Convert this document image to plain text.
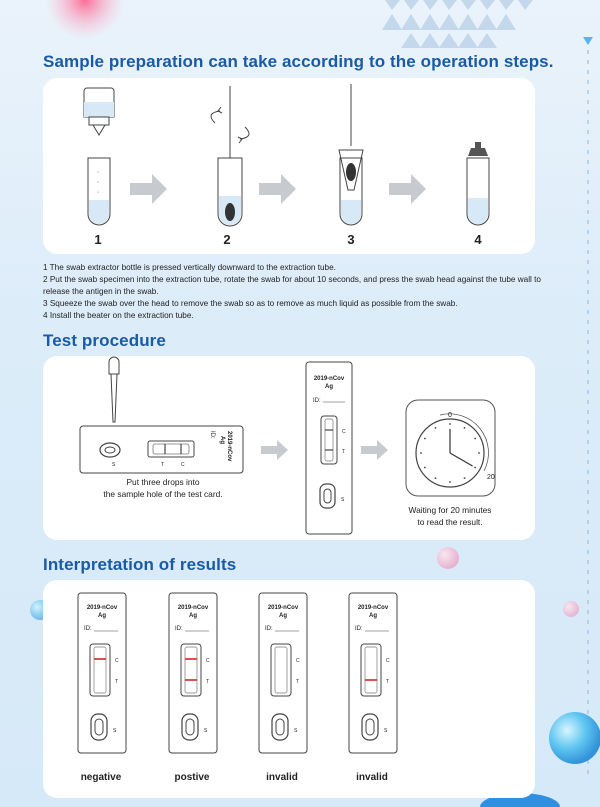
Sample preparation can take according to the operation steps.
◦
◦
◦
1	2	3	4

1 The swab extractor bottle is pressed vertically downward to the extraction tube.

2 Put the swab specimen into the extraction tube, rotate the swab for about 10 seconds, and press the swab head against the tube wall to release the antigen in the swab.

3 Squeeze the swab over the head to remove the swab so as to remove as much liquid as possible from the swab.

4 Install the beater on the extraction tube.

Test procedure
S	T	C
2019-nCov
Ag
ID:
2019-nCov
Ag
ID:
C
T
S
0
20
Put three drops into
the sample hole of the test card.
Waiting for 20 minutes
to read the result.
Interpretation of results
2019-nCov
Ag
ID:
C
T
S
negative
2019-nCov
Ag
ID:
C
T
S
postive
2019-nCov
Ag
ID:
C
T
S
invalid
2019-nCov
Ag
ID:
C
T
S
invalid
